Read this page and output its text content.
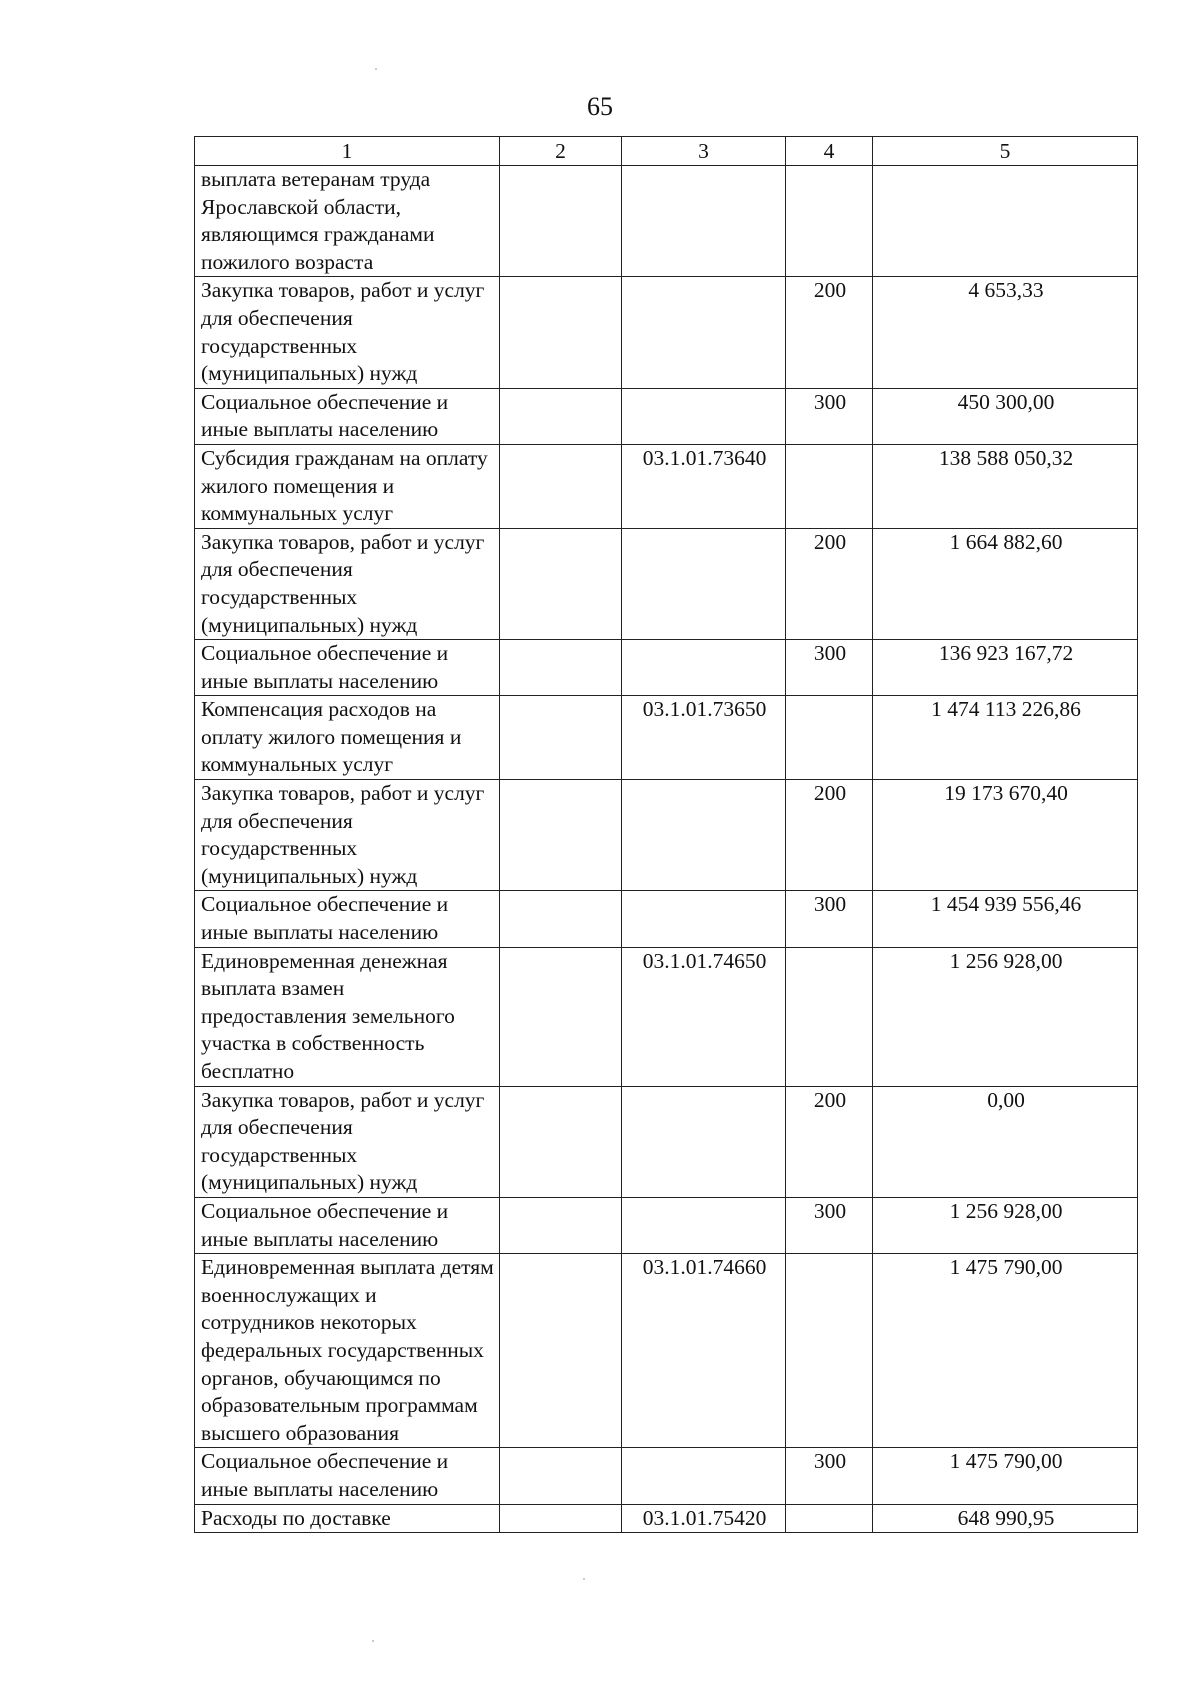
65
1	2	3	4	5
выплата ветеранам труда Ярославской области, являющимся гражданами пожилого возраста				
Закупка товаров, работ и услуг для обеспечения государственных (муниципальных) нужд			200	4 653,33
Социальное обеспечение и иные выплаты населению			300	450 300,00
Субсидия гражданам на оплату жилого помещения и коммунальных услуг		03.1.01.73640		138 588 050,32
Закупка товаров, работ и услуг для обеспечения государственных (муниципальных) нужд			200	1 664 882,60
Социальное обеспечение и иные выплаты населению			300	136 923 167,72
Компенсация расходов на оплату жилого помещения и коммунальных услуг		03.1.01.73650		1 474 113 226,86
Закупка товаров, работ и услуг для обеспечения государственных (муниципальных) нужд			200	19 173 670,40
Социальное обеспечение и иные выплаты населению			300	1 454 939 556,46
Единовременная денежная выплата взамен предоставления земельного участка в собственность бесплатно		03.1.01.74650		1 256 928,00
Закупка товаров, работ и услуг для обеспечения государственных (муниципальных) нужд			200	0,00
Социальное обеспечение и иные выплаты населению			300	1 256 928,00
Единовременная выплата детям военнослужащих и сотрудников некоторых федеральных государственных органов, обучающимся по образовательным программам высшего образования		03.1.01.74660		1 475 790,00
Социальное обеспечение и иные выплаты населению			300	1 475 790,00
Расходы по доставке		03.1.01.75420		648 990,95
